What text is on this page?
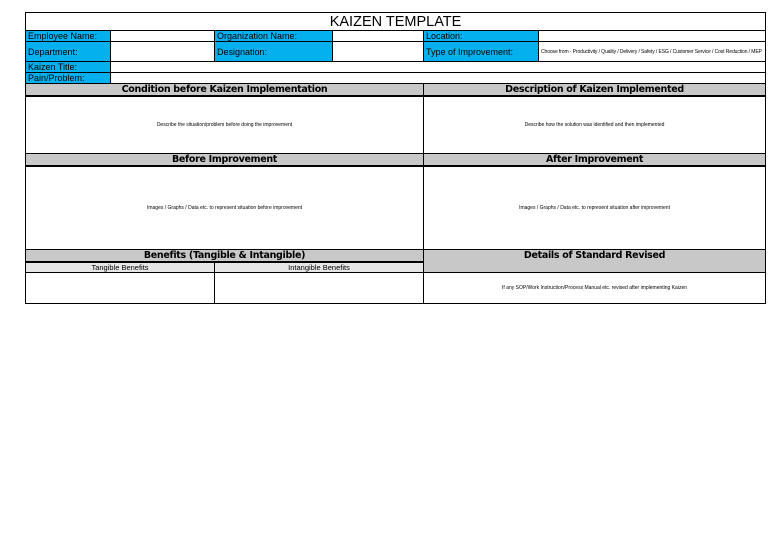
KAIZEN TEMPLATE					
Employee Name:		Organization Name:		Location:	
Department:		Designation:		Type of Improvement:	Choose from - Productivity / Quality / Delivery / Safety / ESG / Customer Service / Cost Reduction / MEP
Kaizen Title:					
Pain/Problem:					
Condition before Kaizen Implementation				Description of Kaizen Implemented	
Describe the situation/problem before doing the improvement				Describe how the solution was identified and then implemented	
Before Improvement				After Improvement	
Images / Graphs / Data etc. to represent situation before improvement				Images / Graphs / Data etc. to represent situation after improvement	
Benefits (Tangible & Intangible)				Details of Standard Revised	
Tangible Benefits		Intangible Benefits			
				If any SOP/Work Instruction/Process Manual etc. revised after implementing Kaizen	
